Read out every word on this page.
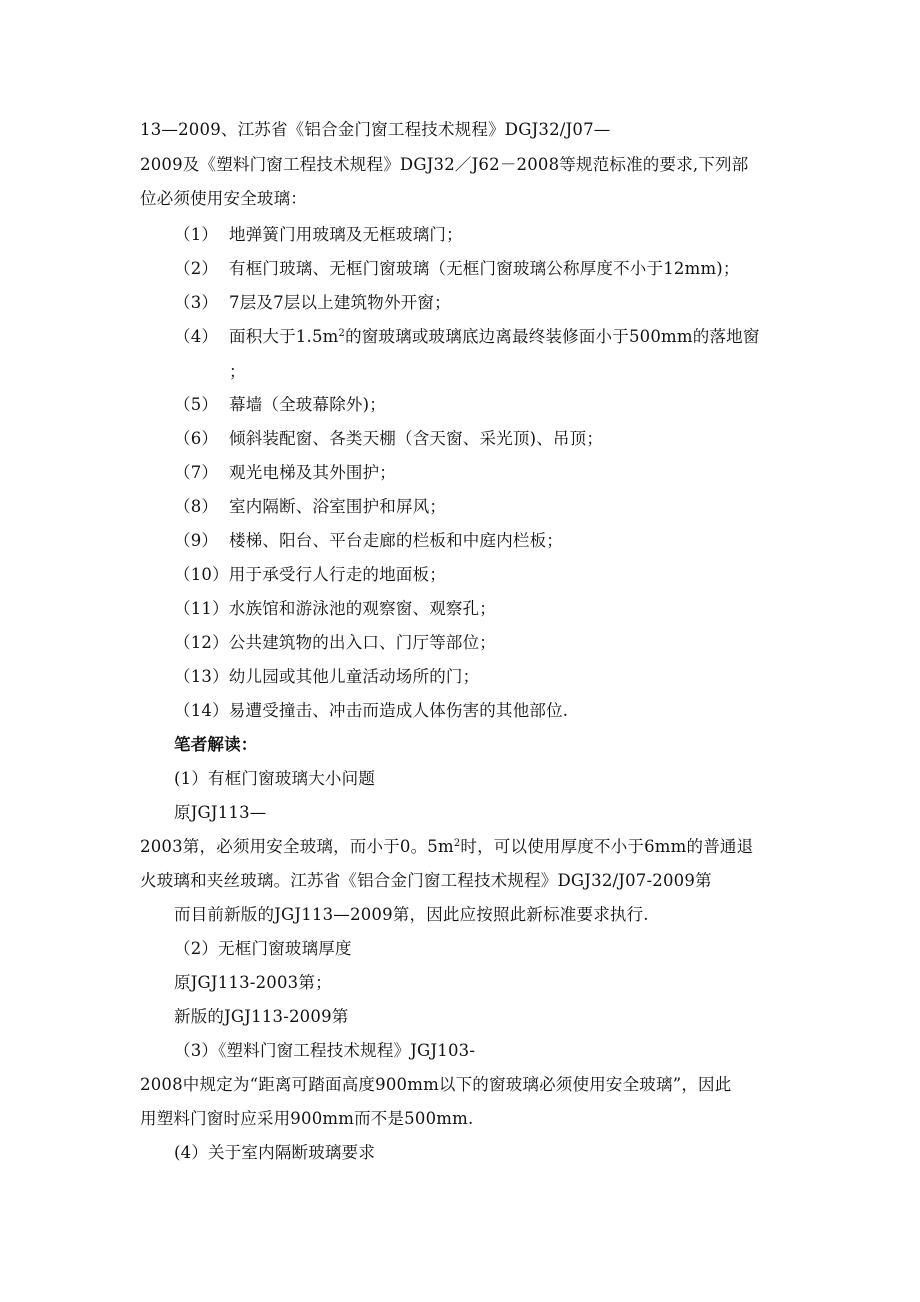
13—2009、江苏省《铝合金门窗工程技术规程》DGJ32/J07—

2009及《塑料门窗工程技术规程》DGJ32／J62－2008等规范标准的要求,下列部

位必须使用安全玻璃：

（1） 地弹簧门用玻璃及无框玻璃门；

（2） 有框门玻璃、无框门窗玻璃（无框门窗玻璃公称厚度不小于12mm)；

（3） 7层及7层以上建筑物外开窗；

（4） 面积大于$1.5m^2$的窗玻璃或玻璃底边离最终装修面小于500mm的落地窗

；

（5） 幕墙（全玻幕除外)；

（6） 倾斜装配窗、各类天棚（含天窗、采光顶)、吊顶；

（7） 观光电梯及其外围护；

（8） 室内隔断、浴室围护和屏风；

（9） 楼梯、阳台、平台走廊的栏板和中庭内栏板；

（10）用于承受行人行走的地面板；

（11）水族馆和游泳池的观察窗、观察孔；

（12）公共建筑物的出入口、门厅等部位；

（13）幼儿园或其他儿童活动场所的门；

（14）易遭受撞击、冲击而造成人体伤害的其他部位.

笔者解读：

(1）有框门窗玻璃大小问题

原JGJ113—

2003第，必须用安全玻璃，而小于0。$5m^2$时，可以使用厚度不小于6mm的普通退

火玻璃和夹丝玻璃。江苏省《铝合金门窗工程技术规程》DGJ32/J07-2009第

而目前新版的JGJ113—2009第，因此应按照此新标准要求执行.

（2）无框门窗玻璃厚度

原JGJ113-2003第；

新版的JGJ113-2009第

（3）《塑料门窗工程技术规程》JGJ103-

2008中规定为“距离可踏面高度900mm以下的窗玻璃必须使用安全玻璃”，因此

用塑料门窗时应采用900mm而不是500mm.

(4）关于室内隔断玻璃要求
